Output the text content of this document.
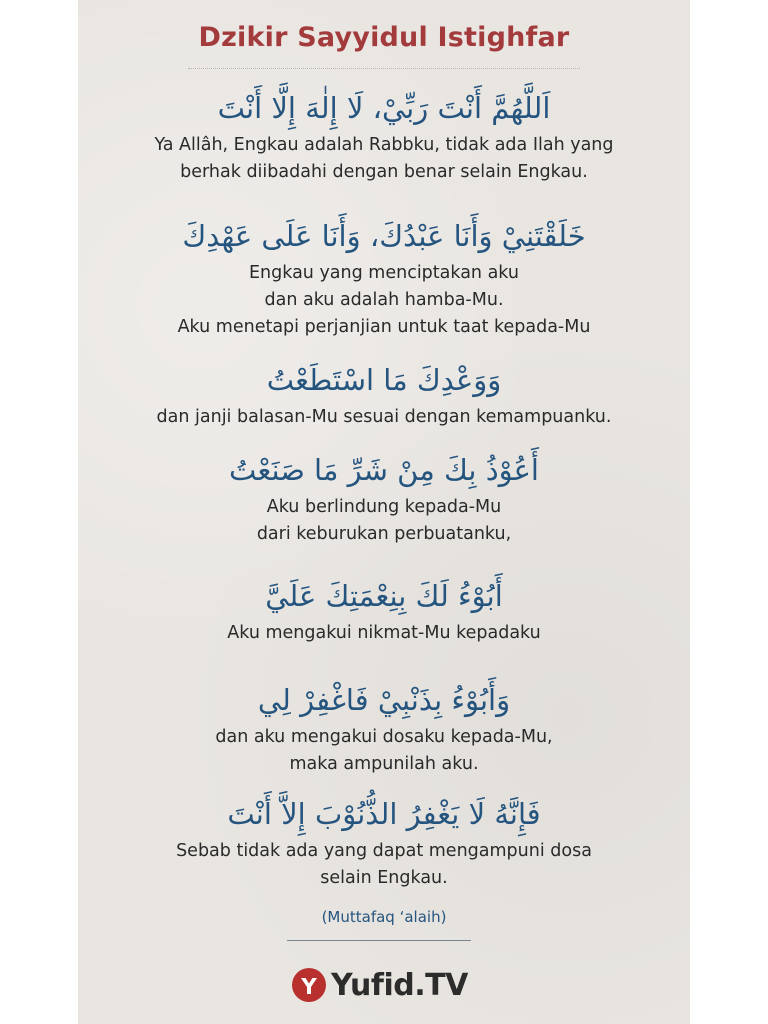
Dzikir Sayyidul Istighfar
اَللَّهُمَّ أَنْتَ رَبِّيْ، لَا إِلٰهَ إِلَّا أَنْتَ
Ya Allâh, Engkau adalah Rabbku, tidak ada Ilah yang
berhak diibadahi dengan benar selain Engkau.
خَلَقْتَنِيْ وَأَنَا عَبْدُكَ، وَأَنَا عَلَى عَهْدِكَ
Engkau yang menciptakan aku
dan aku adalah hamba-Mu.
Aku menetapi perjanjian untuk taat kepada-Mu
وَوَعْدِكَ مَا اسْتَطَعْتُ
dan janji balasan-Mu sesuai dengan kemampuanku.
أَعُوْذُ بِكَ مِنْ شَرِّ مَا صَنَعْتُ
Aku berlindung kepada-Mu
dari keburukan perbuatanku,
أَبُوْءُ لَكَ بِنِعْمَتِكَ عَلَيَّ
Aku mengakui nikmat-Mu kepadaku
وَأَبُوْءُ بِذَنْبِيْ فَاغْفِرْ لِي
dan aku mengakui dosaku kepada-Mu,
maka ampunilah aku.
فَإِنَّهُ لَا يَغْفِرُ الذُّنُوْبَ إِلاَّ أَنْتَ
Sebab tidak ada yang dapat mengampuni dosa
selain Engkau.
(Muttafaq ‘alaih)
Yufid.TV
